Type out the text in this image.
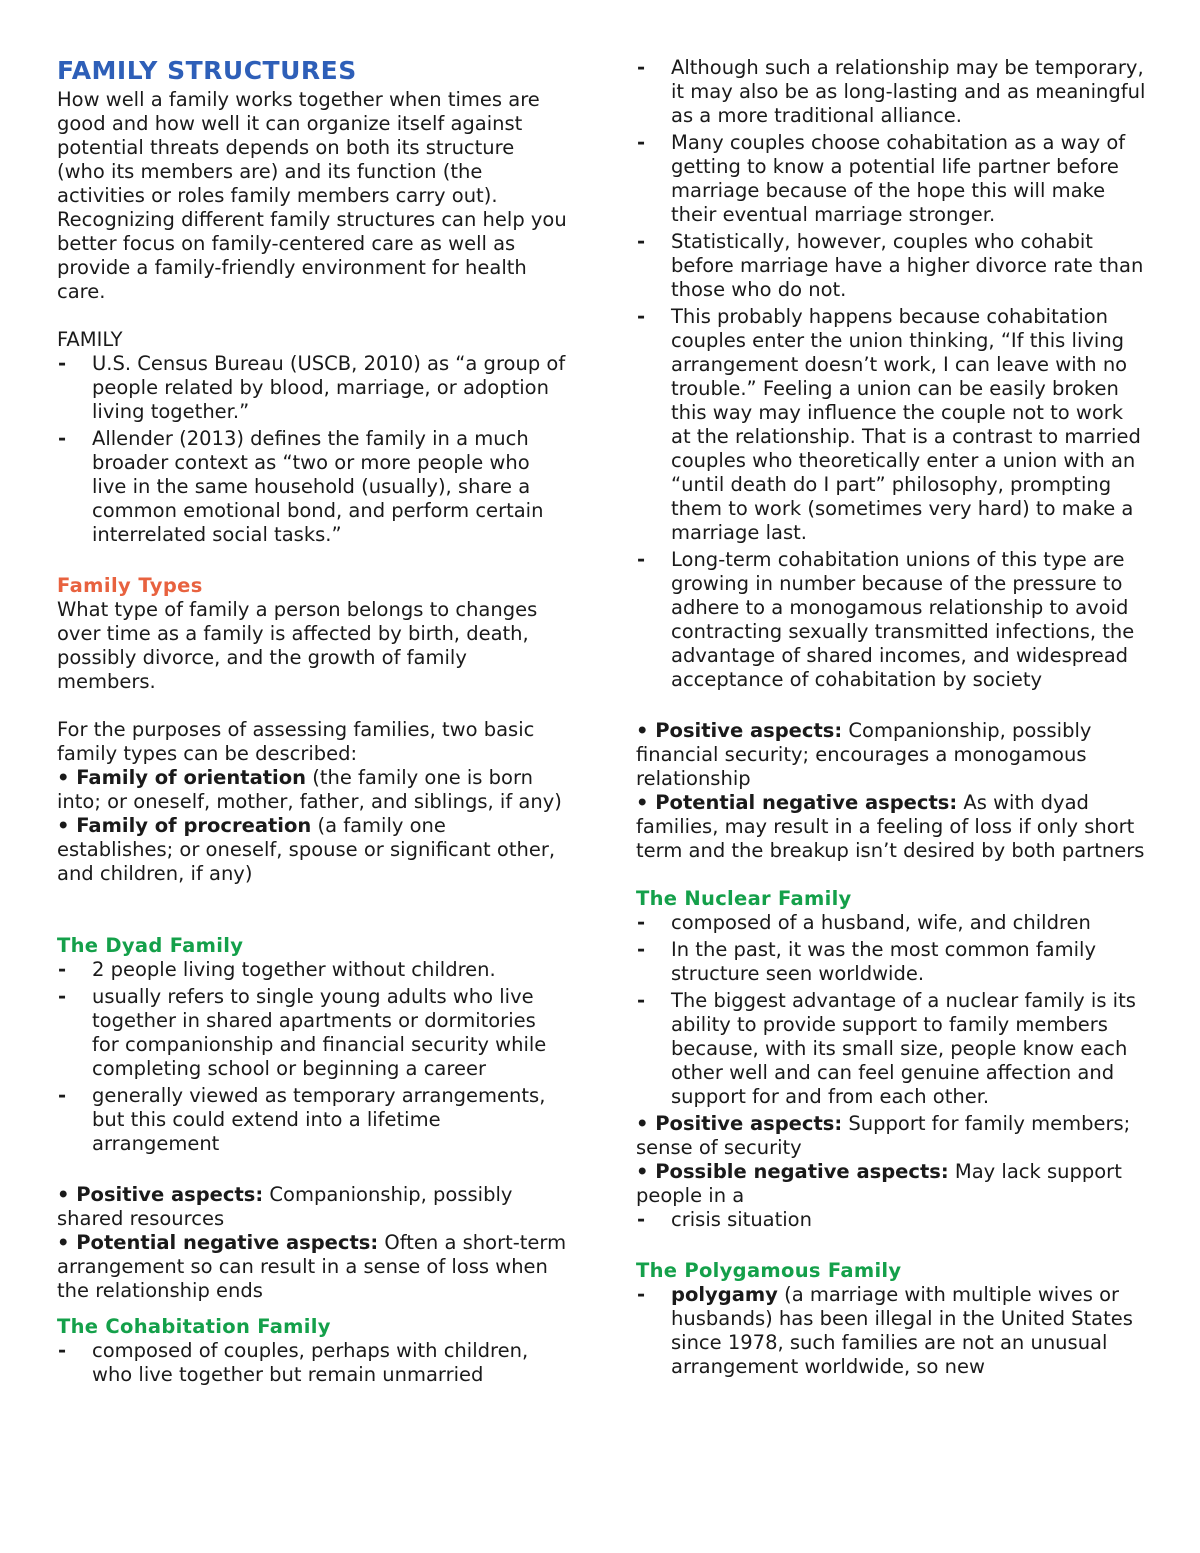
FAMILY STRUCTURES

How well a family works together when times are good and how well it can organize itself against potential threats depends on both its structure (who its members are) and its function (the activities or roles family members carry out).

Recognizing different family structures can help you better focus on family-centered care as well as provide a family-friendly environment for health care.

FAMILY

- U.S. Census Bureau (USCB, 2010) as “a group of people related by blood, marriage, or adoption living together.”
- Allender (2013) defines the family in a much broader context as “two or more people who live in the same household (usually), share a common emotional bond, and perform certain interrelated social tasks.”

Family Types

What type of family a person belongs to changes over time as a family is affected by birth, death, possibly divorce, and the growth of family members.

For the purposes of assessing families, two basic family types can be described:

• Family of orientation (the family one is born into; or oneself, mother, father, and siblings, if any)

• Family of procreation (a family one establishes; or oneself, spouse or significant other, and children, if any)

The Dyad Family

- 2 people living together without children.
- usually refers to single young adults who live together in shared apartments or dormitories for companionship and financial security while completing school or beginning a career
- generally viewed as temporary arrangements, but this could extend into a lifetime arrangement

• Positive aspects: Companionship, possibly shared resources

• Potential negative aspects: Often a short-term arrangement so can result in a sense of loss when the relationship ends

The Cohabitation Family

- composed of couples, perhaps with children, who live together but remain unmarried
- Although such a relationship may be temporary, it may also be as long-lasting and as meaningful as a more traditional alliance.
- Many couples choose cohabitation as a way of getting to know a potential life partner before marriage because of the hope this will make their eventual marriage stronger.
- Statistically, however, couples who cohabit before marriage have a higher divorce rate than those who do not.
- This probably happens because cohabitation couples enter the union thinking, “If this living arrangement doesn’t work, I can leave with no trouble.” Feeling a union can be easily broken this way may influence the couple not to work at the relationship. That is a contrast to married couples who theoretically enter a union with an “until death do I part” philosophy, prompting them to work (sometimes very hard) to make a marriage last.
- Long-term cohabitation unions of this type are growing in number because of the pressure to adhere to a monogamous relationship to avoid contracting sexually transmitted infections, the advantage of shared incomes, and widespread acceptance of cohabitation by society

• Positive aspects: Companionship, possibly financial security; encourages a monogamous relationship

• Potential negative aspects: As with dyad families, may result in a feeling of loss if only short term and the breakup isn’t desired by both partners

The Nuclear Family

- composed of a husband, wife, and children
- In the past, it was the most common family structure seen worldwide.
- The biggest advantage of a nuclear family is its ability to provide support to family members because, with its small size, people know each other well and can feel genuine affection and support for and from each other.

• Positive aspects: Support for family members; sense of security

• Possible negative aspects: May lack support people in a

- crisis situation

The Polygamous Family

- polygamy (a marriage with multiple wives or husbands) has been illegal in the United States since 1978, such families are not an unusual arrangement worldwide, so new
